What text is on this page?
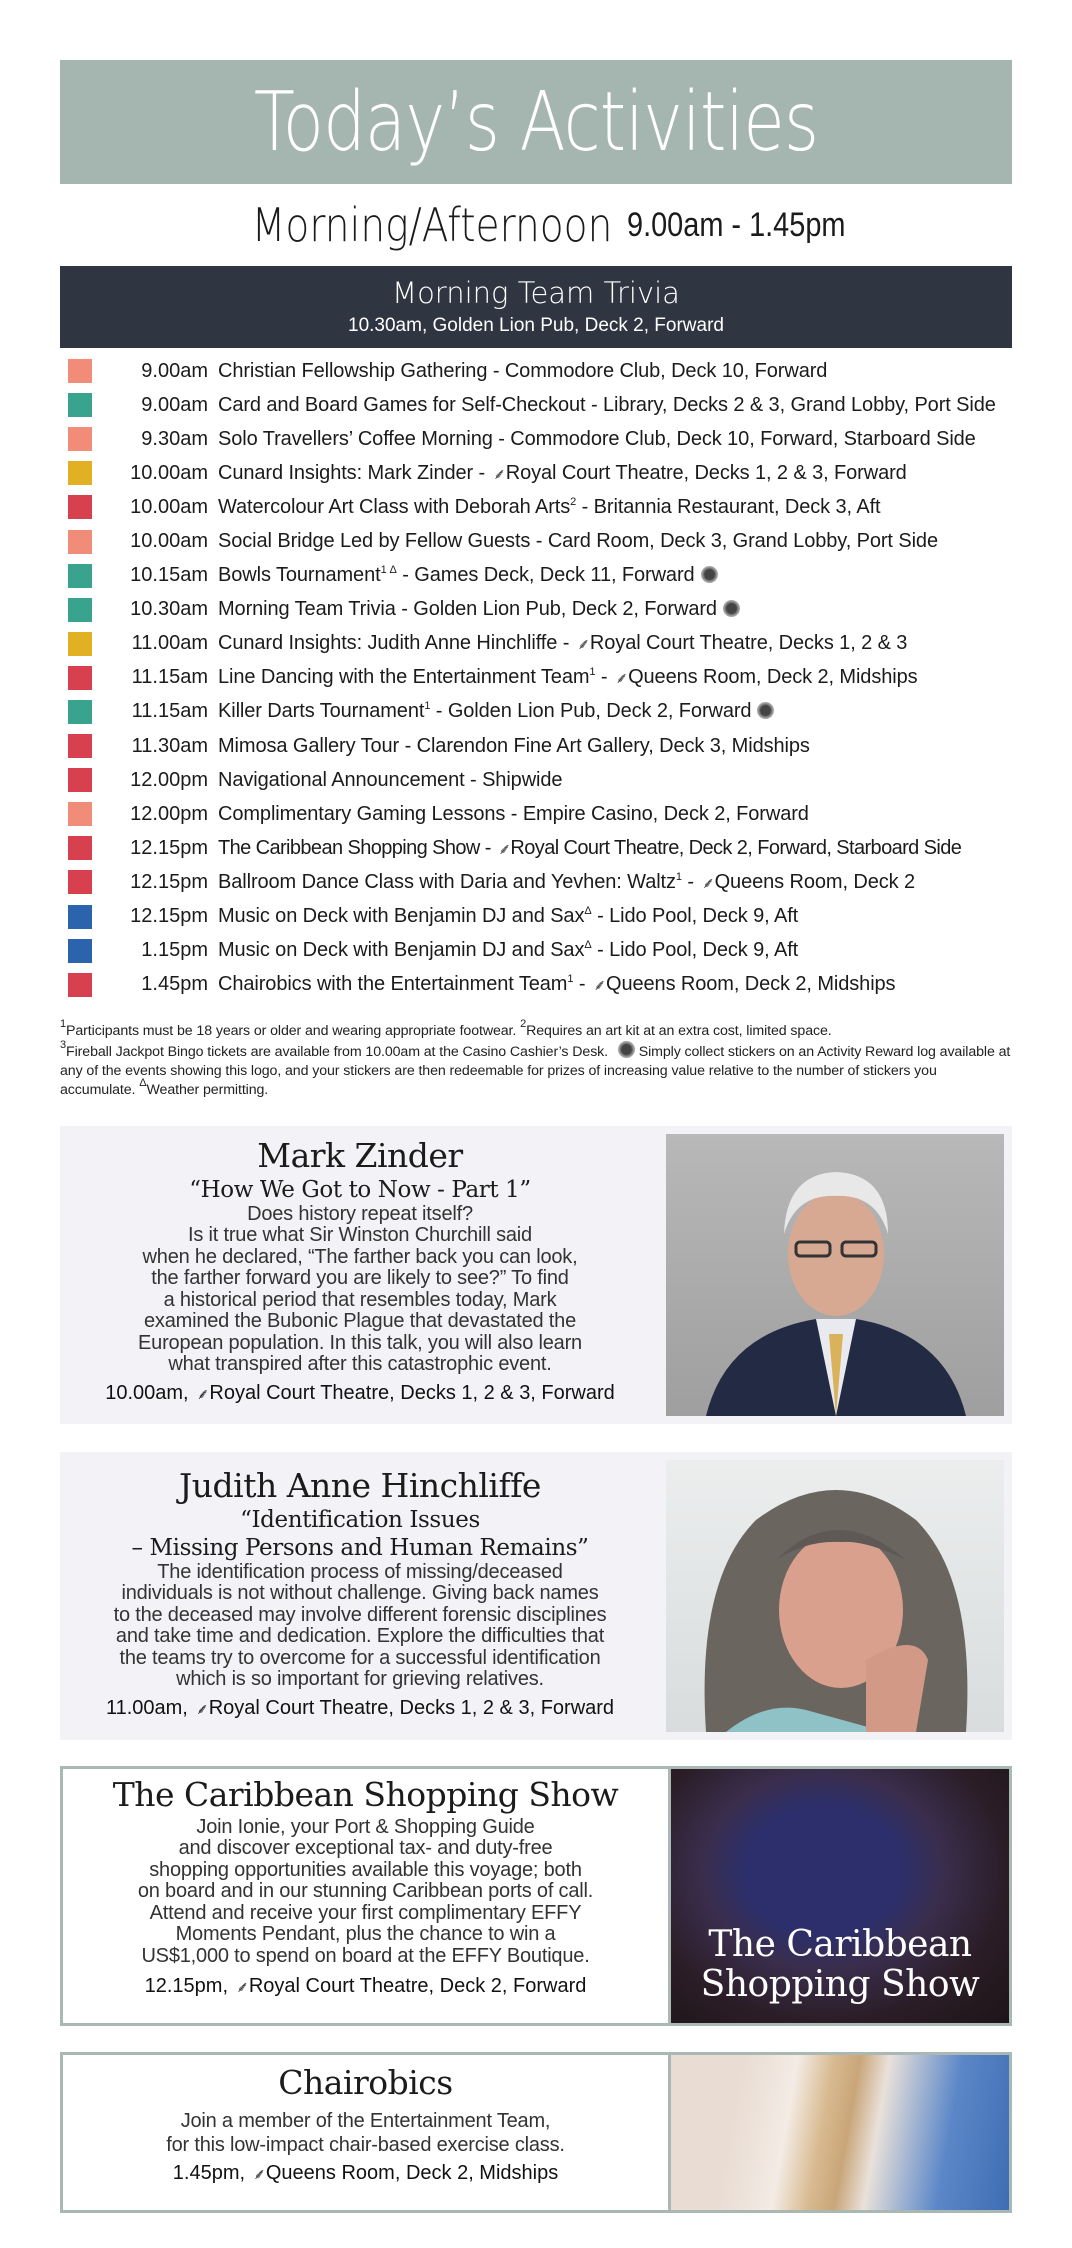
Today’s Activities
Morning/Afternoon 9.00am - 1.45pm
Morning Team Trivia
10.30am, Golden Lion Pub, Deck 2, Forward
9.00am Christian Fellowship Gathering - Commodore Club, Deck 10, Forward
9.00am Card and Board Games for Self-Checkout - Library, Decks 2 & 3, Grand Lobby, Port Side
9.30am Solo Travellers’ Coffee Morning - Commodore Club, Deck 10, Forward, Starboard Side
10.00am Cunard Insights: Mark Zinder - ⸙ Royal Court Theatre, Decks 1, 2 & 3, Forward
10.00am Watercolour Art Class with Deborah Arts$^2$ - Britannia Restaurant, Deck 3, Aft
10.00am Social Bridge Led by Fellow Guests - Card Room, Deck 3, Grand Lobby, Port Side
10.15am Bowls Tournament$^{1 \Delta}$ - Games Deck, Deck 11, Forward
10.30am Morning Team Trivia - Golden Lion Pub, Deck 2, Forward
11.00am Cunard Insights: Judith Anne Hinchliffe - ⸙ Royal Court Theatre, Decks 1, 2 & 3
11.15am Line Dancing with the Entertainment Team$^1$ - ⸙ Queens Room, Deck 2, Midships
11.15am Killer Darts Tournament$^1$ - Golden Lion Pub, Deck 2, Forward
11.30am Mimosa Gallery Tour - Clarendon Fine Art Gallery, Deck 3, Midships
12.00pm Navigational Announcement - Shipwide
12.00pm Complimentary Gaming Lessons - Empire Casino, Deck 2, Forward
12.15pm The Caribbean Shopping Show - ⸙ Royal Court Theatre, Deck 2, Forward, Starboard Side
12.15pm Ballroom Dance Class with Daria and Yevhen: Waltz$^1$ - ⸙ Queens Room, Deck 2
12.15pm Music on Deck with Benjamin DJ and Sax$^\Delta$ - Lido Pool, Deck 9, Aft
1.15pm Music on Deck with Benjamin DJ and Sax$^\Delta$ - Lido Pool, Deck 9, Aft
1.45pm Chairobics with the Entertainment Team$^1$ - ⸙ Queens Room, Deck 2, Midships
$^1$Participants must be 18 years or older and wearing appropriate footwear. $^2$Requires an art kit at an extra cost, limited space.
$^3$Fireball Jackpot Bingo tickets are available from 10.00am at the Casino Cashier’s Desk.  Simply collect stickers on an Activity Reward log available at any of the events showing this logo, and your stickers are then redeemable for prizes of increasing value relative to the number of stickers you accumulate. $^\Delta$Weather permitting.
Mark Zinder
“How We Got to Now - Part 1”
Does history repeat itself?
Is it true what Sir Winston Churchill said
when he declared, “The farther back you can look,
the farther forward you are likely to see?” To find
a historical period that resembles today, Mark
examined the Bubonic Plague that devastated the
European population. In this talk, you will also learn
what transpired after this catastrophic event.
10.00am, ⸙ Royal Court Theatre, Decks 1, 2 & 3, Forward
Judith Anne Hinchliffe
“Identification Issues
– Missing Persons and Human Remains”
The identification process of missing/deceased
individuals is not without challenge. Giving back names
to the deceased may involve different forensic disciplines
and take time and dedication. Explore the difficulties that
the teams try to overcome for a successful identification
which is so important for grieving relatives.
11.00am, ⸙ Royal Court Theatre, Decks 1, 2 & 3, Forward
The Caribbean Shopping Show
Join Ionie, your Port & Shopping Guide
and discover exceptional tax- and duty-free
shopping opportunities available this voyage; both
on board and in our stunning Caribbean ports of call.
Attend and receive your first complimentary EFFY
Moments Pendant, plus the chance to win a
US$1,000 to spend on board at the EFFY Boutique.
12.15pm, ⸙ Royal Court Theatre, Deck 2, Forward
The Caribbean
Shopping Show
Chairobics
Join a member of the Entertainment Team,
for this low-impact chair-based exercise class.
1.45pm, ⸙ Queens Room, Deck 2, Midships
